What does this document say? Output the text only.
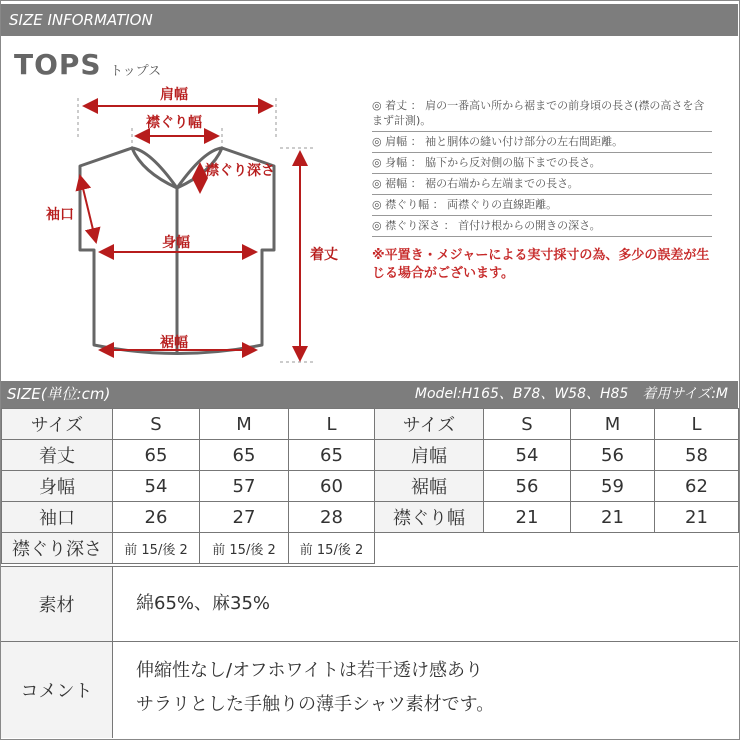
SIZE INFORMATION
TOPS トップス
肩幅
襟ぐり幅
襟ぐり深さ
袖口
身幅
着丈
裾幅
◎ 着丈 ： 肩の一番高い所から裾までの前身頃の長さ(襟の高さを含まず計測)。
◎ 肩幅 ： 袖と胴体の縫い付け部分の左右間距離。
◎ 身幅 ： 脇下から反対側の脇下までの長さ。
◎ 裾幅 ： 裾の右端から左端までの長さ。
◎ 襟ぐり幅 ： 両襟ぐりの直線距離。
◎ 襟ぐり深さ ： 首付け根からの開きの深さ。
※平置き・メジャーによる実寸採寸の為、多少の誤差が生じる場合がございます。
SIZE(単位:cm)	Model:H165、B78、W58、H85　着用サイズ:M
サイズ	S	M	L	サイズ	S	M	L
着丈	65	65	65	肩幅	54	56	58
身幅	54	57	60	裾幅	56	59	62
袖口	26	27	28	襟ぐり幅	21	21	21
襟ぐり深さ	前 15/後 2	前 15/後 2	前 15/後 2				
素材	綿65%、麻35%
コメント
伸縮性なし/オフホワイトは若干透け感あり
サラリとした手触りの薄手シャツ素材です。
